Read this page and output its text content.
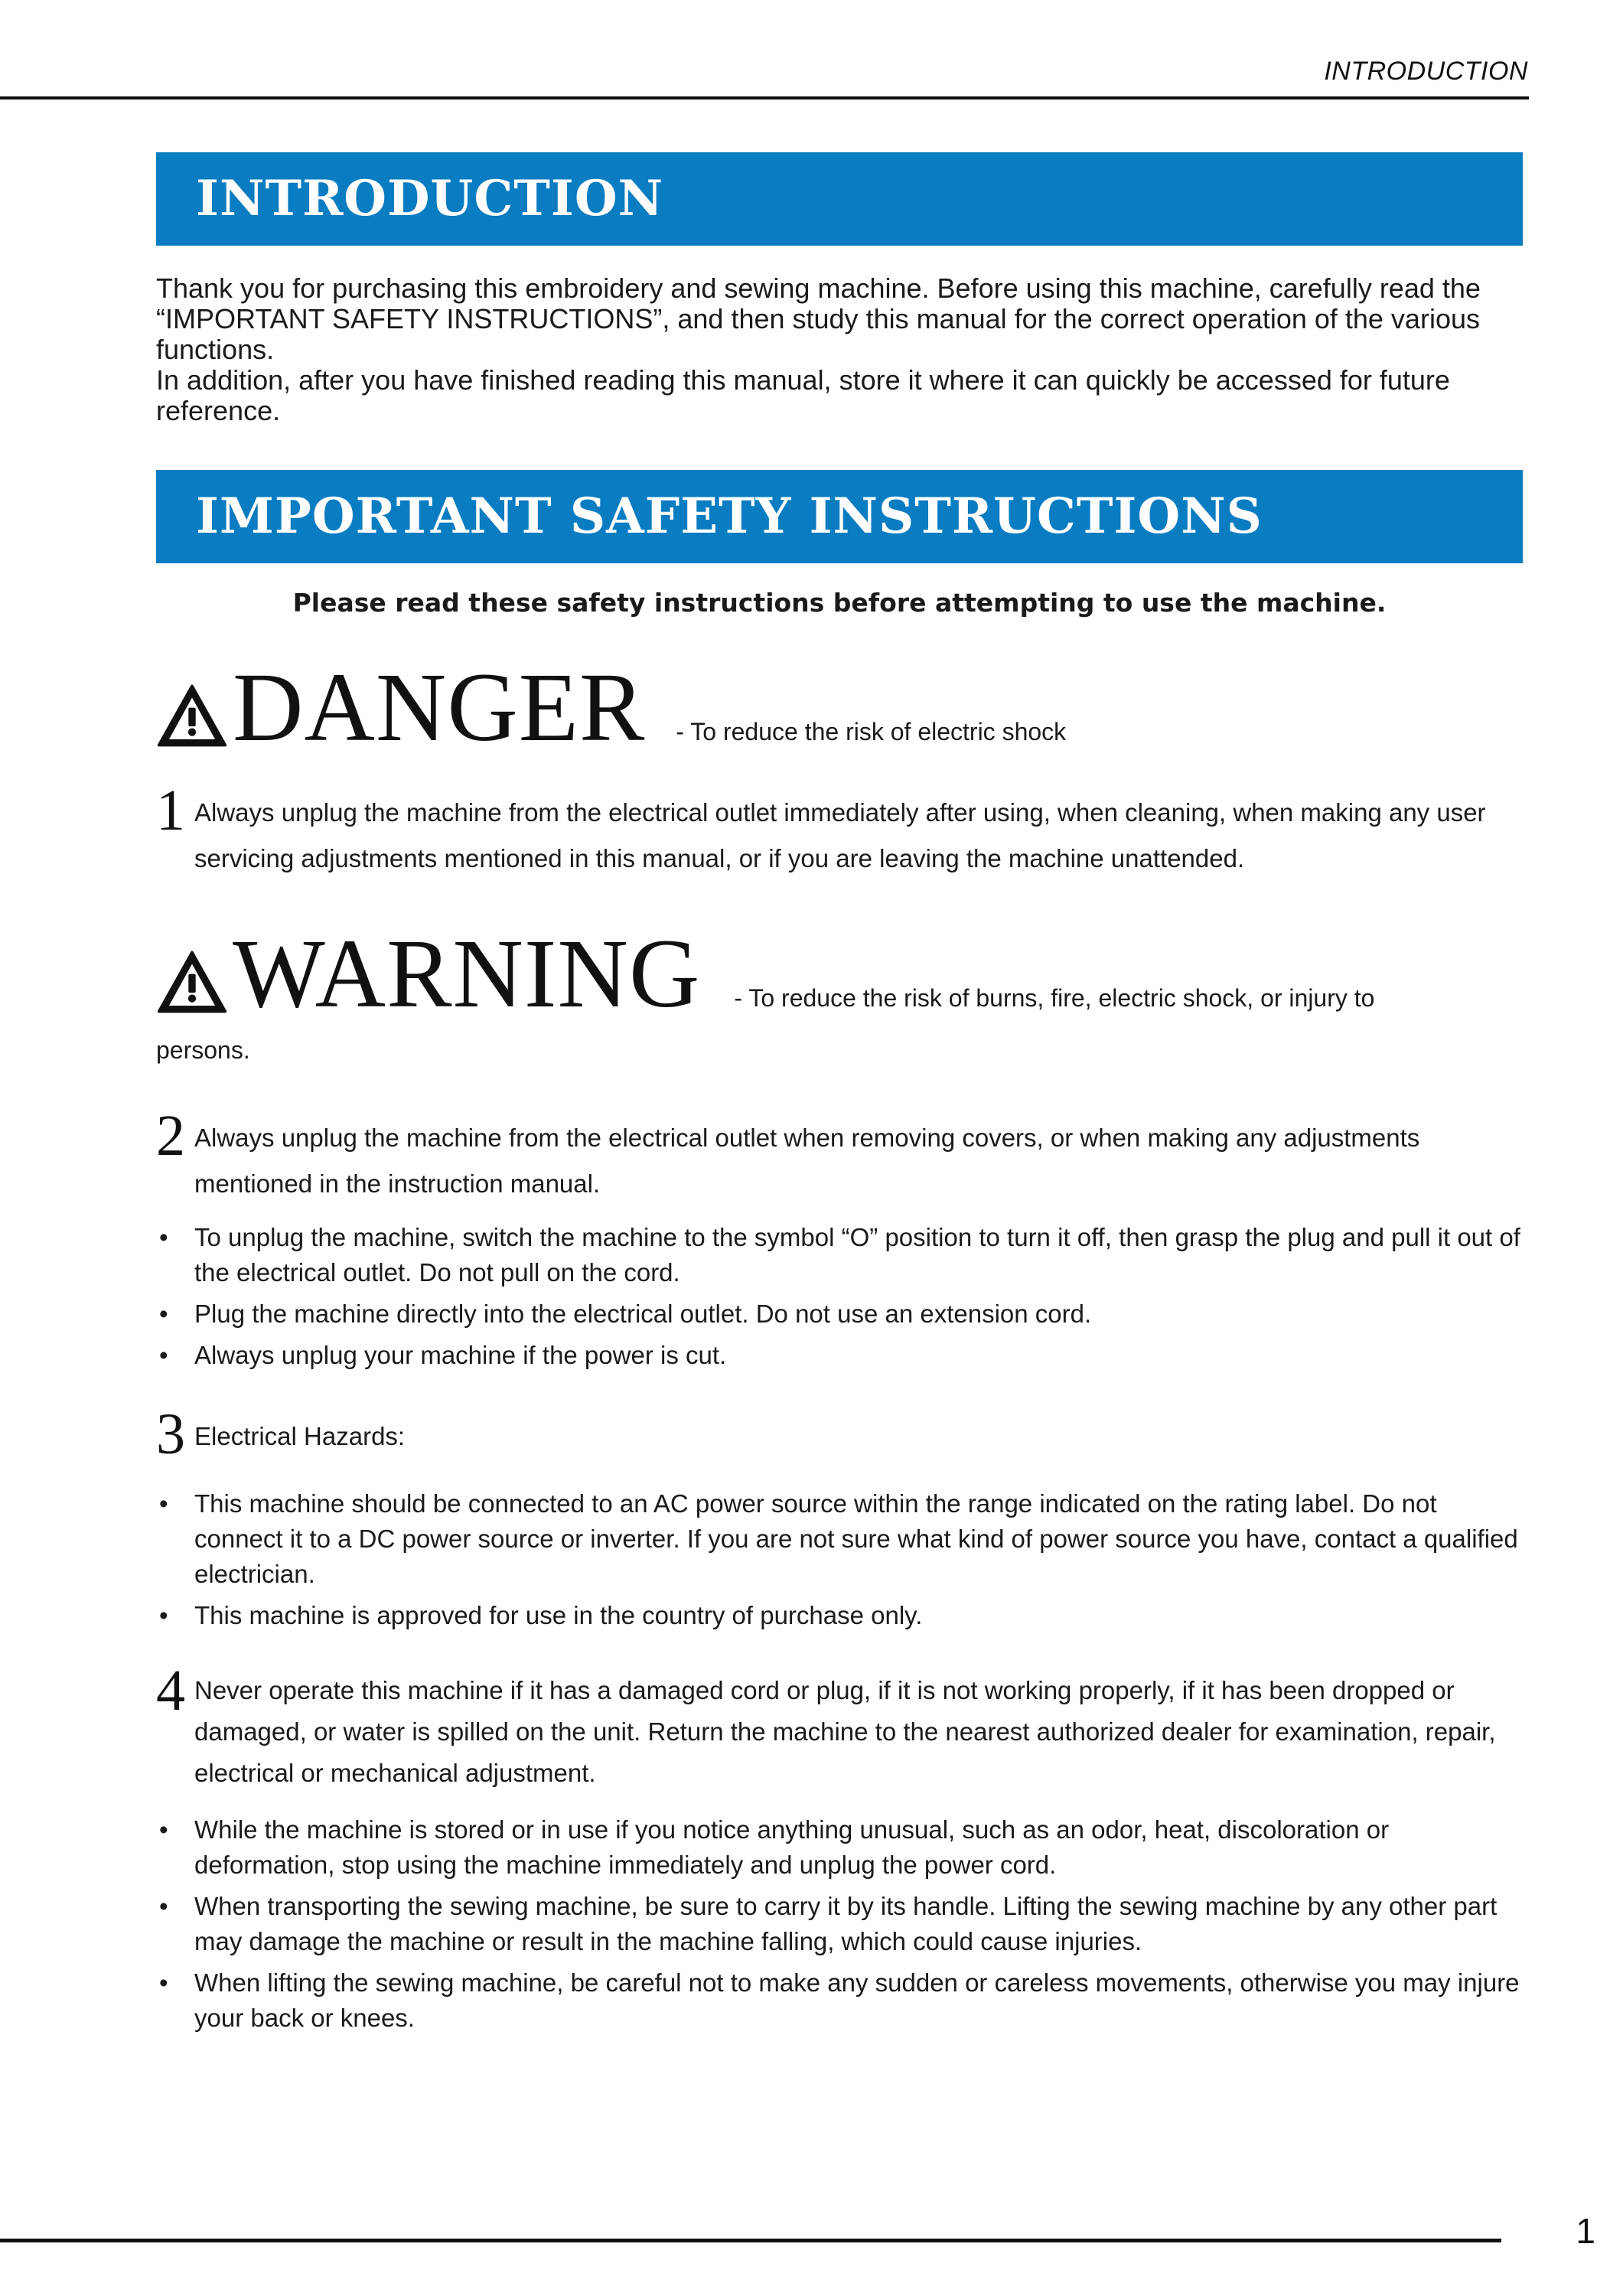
INTRODUCTION
INTRODUCTION

Thank you for purchasing this embroidery and sewing machine. Before using this machine, carefully read the “IMPORTANT SAFETY INSTRUCTIONS”, and then study this manual for the correct operation of the various functions.

In addition, after you have finished reading this manual, store it where it can quickly be accessed for future reference.

IMPORTANT SAFETY INSTRUCTIONS
Please read these safety instructions before attempting to use the machine.
DANGER - To reduce the risk of electric shock
1 Always unplug the machine from the electrical outlet immediately after using, when cleaning, when making any user servicing adjustments mentioned in this manual, or if you are leaving the machine unattended.
WARNING - To reduce the risk of burns, fire, electric shock, or injury to
persons.
2 Always unplug the machine from the electrical outlet when removing covers, or when making any adjustments mentioned in the instruction manual.
• To unplug the machine, switch the machine to the symbol “O” position to turn it off, then grasp the plug and pull it out of the electrical outlet. Do not pull on the cord.
• Plug the machine directly into the electrical outlet. Do not use an extension cord.
• Always unplug your machine if the power is cut.
3 Electrical Hazards:
• This machine should be connected to an AC power source within the range indicated on the rating label. Do not connect it to a DC power source or inverter. If you are not sure what kind of power source you have, contact a qualified electrician.
• This machine is approved for use in the country of purchase only.
4 Never operate this machine if it has a damaged cord or plug, if it is not working properly, if it has been dropped or damaged, or water is spilled on the unit. Return the machine to the nearest authorized dealer for examination, repair, electrical or mechanical adjustment.
• While the machine is stored or in use if you notice anything unusual, such as an odor, heat, discoloration or deformation, stop using the machine immediately and unplug the power cord.
• When transporting the sewing machine, be sure to carry it by its handle. Lifting the sewing machine by any other part may damage the machine or result in the machine falling, which could cause injuries.
• When lifting the sewing machine, be careful not to make any sudden or careless movements, otherwise you may injure your back or knees.
1
